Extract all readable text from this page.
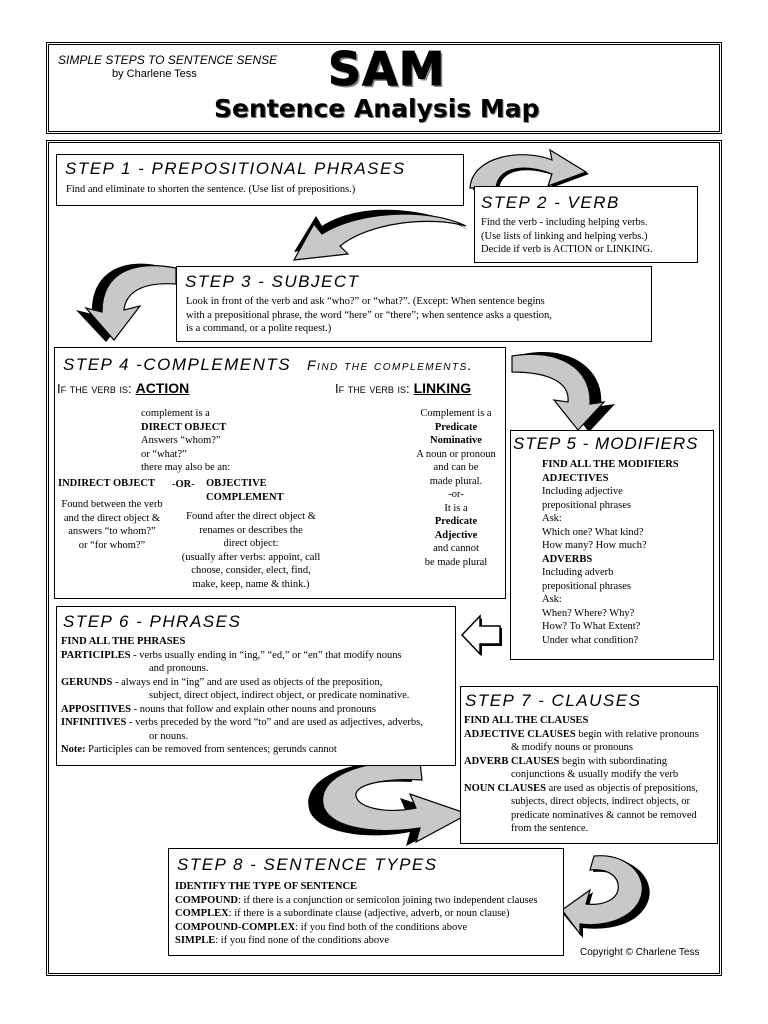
SIMPLE STEPS TO SENTENCE SENSE
by Charlene Tess	SAM
Sentence Analysis Map
STEP 1 - PREPOSITIONAL PHRASES
Find and eliminate to shorten the sentence. (Use list of prepositions.)
STEP 2 - VERB

Find the verb - including helping verbs.

(Use lists of linking and helping verbs.)

Decide if verb is ACTION or LINKING.

STEP 3 - SUBJECT

Look in front of the verb and ask “who?” or “what?”. (Except: When sentence begins

with a prepositional phrase, the word “here” or “there”; when sentence asks a question,

is a command, or a polite request.)

STEP 4 -COMPLEMENTS Find the complements.
If the verb is: ACTION	If the verb is: LINKING

complement is a

DIRECT OBJECT

Answers “whom?”

or “what?”

there may also be an:

INDIRECT OBJECT -OR- OBJECTIVE

COMPLEMENT

Found between the verb

and the direct object &

answers “to whom?”

or “for whom?”

Found after the direct object &

renames or describes the

direct object:

(usually after verbs: appoint, call

choose, consider, elect, find,

make, keep, name & think.)

Complement is a

Predicate

Nominative

A noun or pronoun

and can be

made plural.

-or-

It is a

Predicate

Adjective

and cannot

be made plural

STEP 5 - MODIFIERS

FIND ALL THE MODIFIERS

ADJECTIVES

Including adjective

prepositional phrases

Ask:

Which one? What kind?

How many? How much?

ADVERBS

Including adverb

prepositional phrases

Ask:

When? Where? Why?

How? To What Extent?

Under what condition?

STEP 6 - PHRASES

FIND ALL THE PHRASES

PARTICIPLES - verbs usually ending in “ing,” “ed,” or “en” that modify nouns

and pronouns.

GERUNDS - always end in “ing” and are used as objects of the preposition,

subject, direct object, indirect object, or predicate nominative.

APPOSITIVES - nouns that follow and explain other nouns and pronouns

INFINITIVES - verbs preceded by the word “to” and are used as adjectives, adverbs,

or nouns.

Note: Participles can be removed from sentences; gerunds cannot

STEP 7 - CLAUSES

FIND ALL THE CLAUSES

ADJECTIVE CLAUSES begin with relative pronouns

& modify nouns or pronouns

ADVERB CLAUSES begin with subordinating

conjunctions & usually modify the verb

NOUN CLAUSES are used as objectis of prepositions,

subjects, direct objects, indirect objects, or

predicate nominatives & cannot be removed

from the sentence.

STEP 8 - SENTENCE TYPES

IDENTIFY THE TYPE OF SENTENCE

COMPOUND: if there is a conjunction or semicolon joining two independent clauses

COMPLEX: if there is a subordinate clause (adjective, adverb, or noun clause)

COMPOUND-COMPLEX: if you find both of the conditions above

SIMPLE: if you find none of the conditions above

Copyright © Charlene Tess
